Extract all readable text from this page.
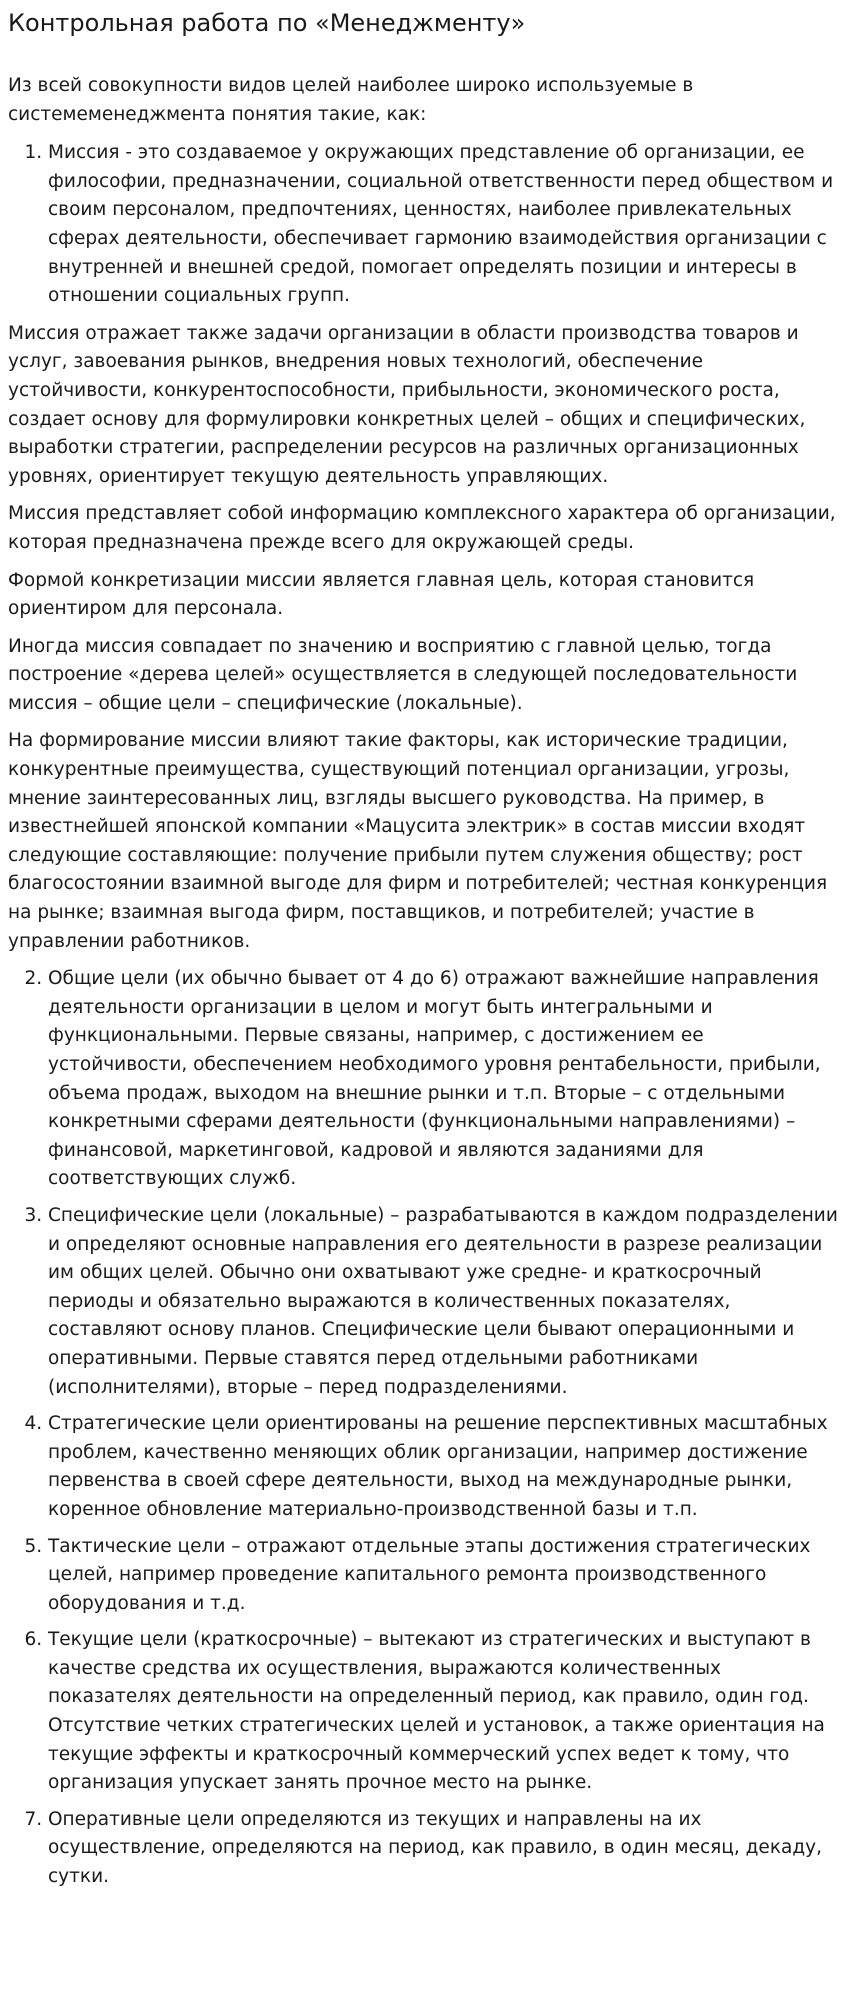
Контрольная работа по «Менеджменту»

Из всей совокупности видов целей наиболее широко используемые в системеменеджмента понятия такие, как:

1. Миссия - это создаваемое у окружающих представление об организации, ее философии, предназначении, социальной ответственности перед обществом и своим персоналом, предпочтениях, ценностях, наиболее привлекательных сферах деятельности, обеспечивает гармонию взаимодействия организации с внутренней и внешней средой, помогает определять позиции и интересы в отношении социальных групп.

Миссия отражает также задачи организации в области производства товаров и услуг, завоевания рынков, внедрения новых технологий, обеспечение устойчивости, конкурентоспособности, прибыльности, экономического роста, создает основу для формулировки конкретных целей – общих и специфических, выработки стратегии, распределении ресурсов на различных организационных уровнях, ориентирует текущую деятельность управляющих.

Миссия представляет собой информацию комплексного характера об организации, которая предназначена прежде всего для окружающей среды.

Формой конкретизации миссии является главная цель, которая становится ориентиром для персонала.

Иногда миссия совпадает по значению и восприятию с главной целью, тогда построение «дерева целей» осуществляется в следующей последовательности миссия – общие цели – специфические (локальные).

На формирование миссии влияют такие факторы, как исторические традиции, конкурентные преимущества, существующий потенциал организации, угрозы, мнение заинтересованных лиц, взгляды высшего руководства. На пример, в известнейшей японской компании «Мацусита электрик» в состав миссии входят следующие составляющие: получение прибыли путем служения обществу; рост благосостоянии взаимной выгоде для фирм и потребителей; честная конкуренция на рынке; взаимная выгода фирм, поставщиков, и потребителей; участие в управлении работников.

2. Общие цели (их обычно бывает от 4 до 6) отражают важнейшие направления деятельности организации в целом и могут быть интегральными и функциональными. Первые связаны, например, с достижением ее устойчивости, обеспечением необходимого уровня рентабельности, прибыли, объема продаж, выходом на внешние рынки и т.п. Вторые – с отдельными конкретными сферами деятельности (функциональными направлениями) – финансовой, маркетинговой, кадровой и являются заданиями для соответствующих служб.
3. Специфические цели (локальные) – разрабатываются в каждом подразделении и определяют основные направления его деятельности в разрезе реализации им общих целей. Обычно они охватывают уже средне- и краткосрочный периоды и обязательно выражаются в количественных показателях, составляют основу планов. Специфические цели бывают операционными и оперативными. Первые ставятся перед отдельными работниками (исполнителями), вторые – перед подразделениями.
4. Стратегические цели ориентированы на решение перспективных масштабных проблем, качественно меняющих облик организации, например достижение первенства в своей сфере деятельности, выход на международные рынки, коренное обновление материально-производственной базы и т.п.
5. Тактические цели – отражают отдельные этапы достижения стратегических целей, например проведение капитального ремонта производственного оборудования и т.д.
6. Текущие цели (краткосрочные) – вытекают из стратегических и выступают в качестве средства их осуществления, выражаются количественных показателях деятельности на определенный период, как правило, один год. Отсутствие четких стратегических целей и установок, а также ориентация на текущие эффекты и краткосрочный коммерческий успех ведет к тому, что организация упускает занять прочное место на рынке.
7. Оперативные цели определяются из текущих и направлены на их осуществление, определяются на период, как правило, в один месяц, декаду, сутки.
